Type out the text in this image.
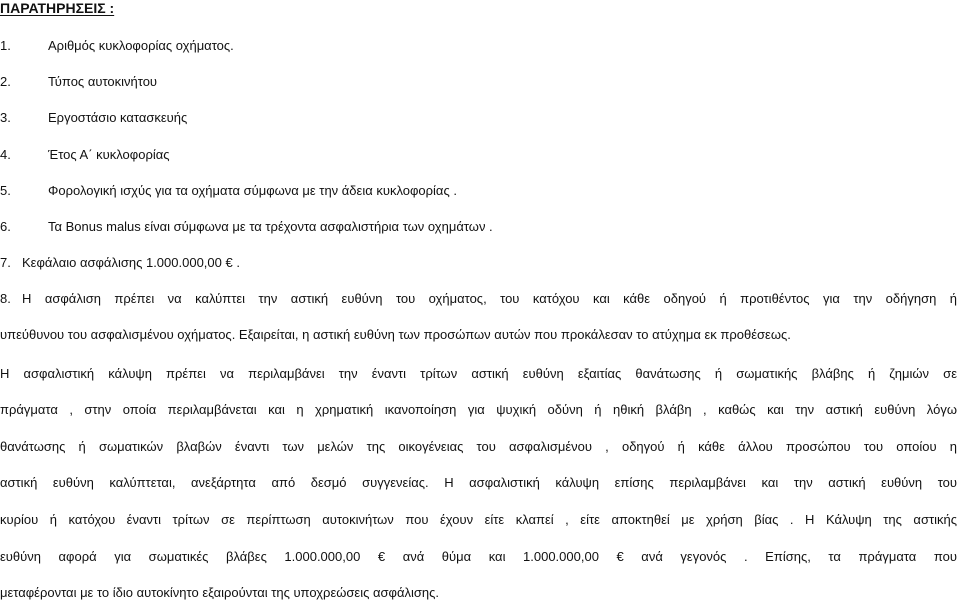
ΠΑΡΑΤΗΡΗΣΕΙΣ :
1.	Αριθμός κυκλοφορίας οχήματος.
2.	Τύπος αυτοκινήτου
3.	Εργοστάσιο κατασκευής
4.	Έτος Α΄ κυκλοφορίας
5.	Φορολογική ισχύς για τα οχήματα σύμφωνα με την άδεια κυκλοφορίας .
6.	Τα Bonus malus είναι σύμφωνα με τα τρέχοντα ασφαλιστήρια των οχημάτων .
7. Κεφάλαιο ασφάλισης 1.000.000,00 € .
8. Η ασφάλιση πρέπει να καλύπτει την αστική ευθύνη του οχήματος, του κατόχου και κάθε οδηγού ή προτιθέντος για την οδήγηση ή
υπεύθυνου του ασφαλισμένου οχήματος. Εξαιρείται, η αστική ευθύνη των προσώπων αυτών που προκάλεσαν το ατύχημα εκ προθέσεως.
Η ασφαλιστική κάλυψη πρέπει να περιλαμβάνει την έναντι τρίτων αστική ευθύνη εξαιτίας θανάτωσης ή σωματικής βλάβης ή ζημιών σε
πράγματα , στην οποία περιλαμβάνεται και η χρηματική ικανοποίηση για ψυχική οδύνη ή ηθική βλάβη , καθώς και την αστική ευθύνη λόγω
θανάτωσης ή σωματικών βλαβών έναντι των μελών της οικογένειας του ασφαλισμένου , οδηγού ή κάθε άλλου προσώπου του οποίου η
αστική ευθύνη καλύπτεται, ανεξάρτητα από δεσμό συγγενείας. Η ασφαλιστική κάλυψη επίσης περιλαμβάνει και την αστική ευθύνη του
κυρίου ή κατόχου έναντι τρίτων σε περίπτωση αυτοκινήτων που έχουν είτε κλαπεί , είτε αποκτηθεί με χρήση βίας . Η Κάλυψη της αστικής
ευθύνη αφορά για σωματικές βλάβες 1.000.000,00 € ανά θύμα και 1.000.000,00 € ανά γεγονός . Επίσης, τα πράγματα που
μεταφέρονται με το ίδιο αυτοκίνητο εξαιρούνται της υποχρεώσεις ασφάλισης.
